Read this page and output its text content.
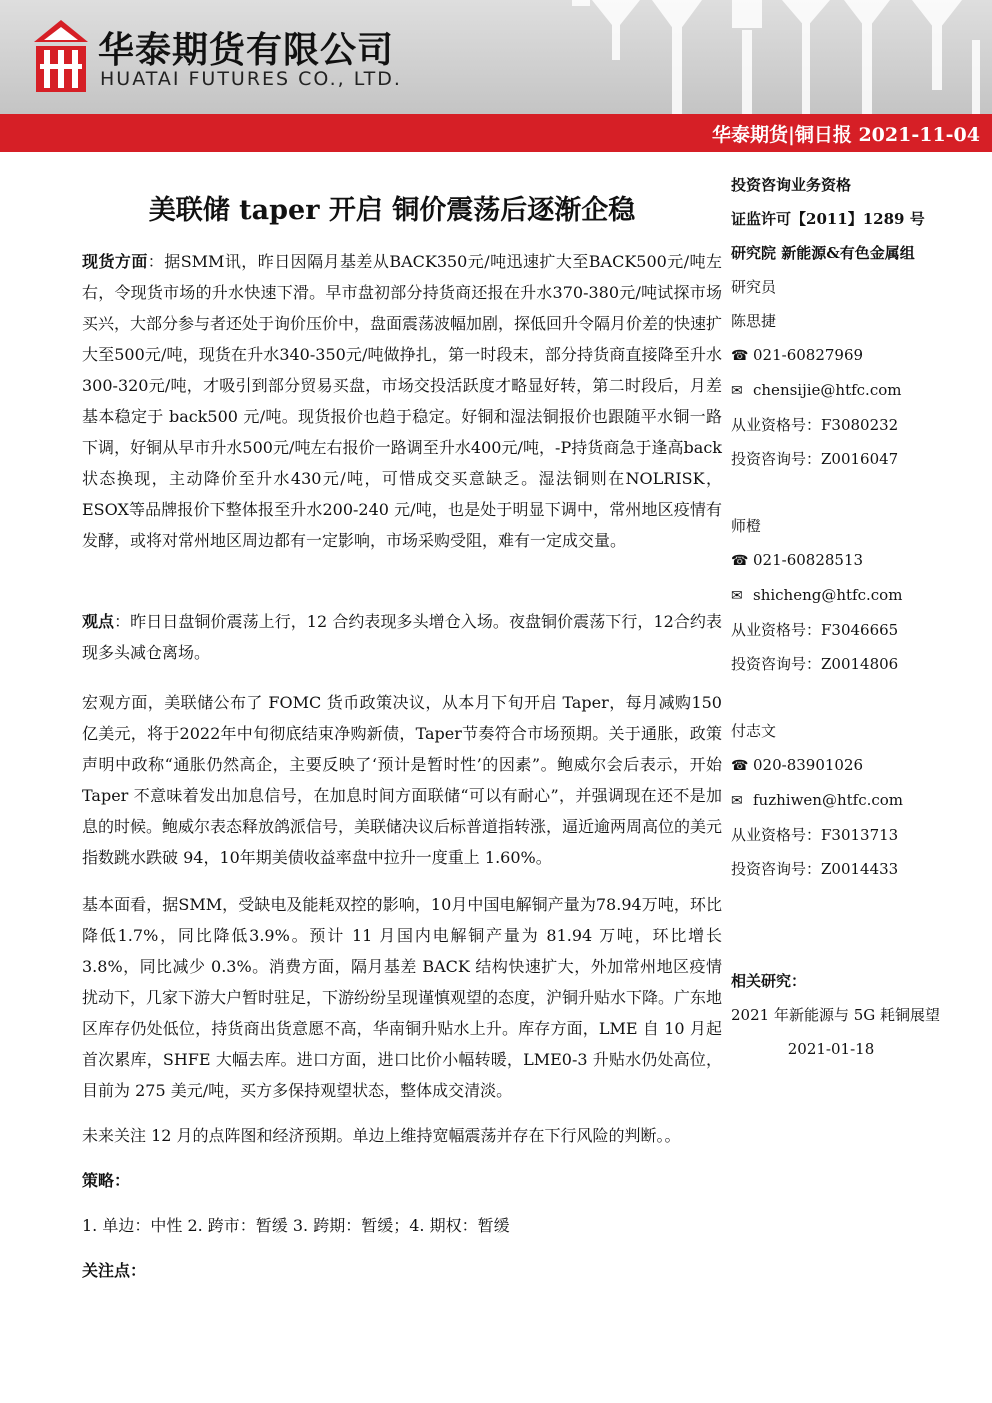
华泰期货有限公司
HUATAI FUTURES CO., LTD.
华泰期货|铜日报 2021-11-04
美联储 taper 开启 铜价震荡后逐渐企稳

现货方面：据SMM讯，昨日因隔月基差从BACK350元/吨迅速扩大至BACK500元/吨左右，令现货市场的升水快速下滑。早市盘初部分持货商还报在升水370-380元/吨试探市场买兴，大部分参与者还处于询价压价中，盘面震荡波幅加剧，探低回升令隔月价差的快速扩大至500元/吨，现货在升水340-350元/吨做挣扎，第一时段末，部分持货商直接降至升水300-320元/吨，才吸引到部分贸易买盘，市场交投活跃度才略显好转，第二时段后，月差基本稳定于 back500 元/吨。现货报价也趋于稳定。好铜和湿法铜报价也跟随平水铜一路下调，好铜从早市升水500元/吨左右报价一路调至升水400元/吨，-P持货商急于逢高back状态换现，主动降价至升水430元/吨，可惜成交买意缺乏。湿法铜则在NOLRISK，ESOX等品牌报价下整体报至升水200-240 元/吨，也是处于明显下调中，常州地区疫情有发酵，或将对常州地区周边都有一定影响，市场采购受阻，难有一定成交量。

观点：昨日日盘铜价震荡上行，12 合约表现多头增仓入场。夜盘铜价震荡下行，12合约表现多头减仓离场。

宏观方面，美联储公布了 FOMC 货币政策决议，从本月下旬开启 Taper，每月减购150亿美元，将于2022年中旬彻底结束净购新债，Taper节奏符合市场预期。关于通胀，政策声明中政称“通胀仍然高企，主要反映了‘预计是暂时性’的因素”。鲍威尔会后表示，开始 Taper 不意味着发出加息信号，在加息时间方面联储“可以有耐心”，并强调现在还不是加息的时候。鲍威尔表态释放鸽派信号，美联储决议后标普道指转涨，逼近逾两周高位的美元指数跳水跌破 94，10年期美债收益率盘中拉升一度重上 1.60%。

基本面看，据SMM，受缺电及能耗双控的影响，10月中国电解铜产量为78.94万吨，环比降低1.7%，同比降低3.9%。预计 11 月国内电解铜产量为 81.94 万吨，环比增长 3.8%，同比减少 0.3%。消费方面，隔月基差 BACK 结构快速扩大，外加常州地区疫情扰动下，几家下游大户暂时驻足，下游纷纷呈现谨慎观望的态度，沪铜升贴水下降。广东地区库存仍处低位，持货商出货意愿不高，华南铜升贴水上升。库存方面，LME 自 10 月起首次累库，SHFE 大幅去库。进口方面，进口比价小幅转暖，LME0-3 升贴水仍处高位，目前为 275 美元/吨，买方多保持观望状态，整体成交清淡。

未来关注 12 月的点阵图和经济预期。单边上维持宽幅震荡并存在下行风险的判断。。

策略：

1. 单边：中性 2. 跨市：暂缓 3. 跨期：暂缓；4. 期权：暂缓

关注点：

投资咨询业务资格
证监许可【2011】1289 号
研究院 新能源&有色金属组
研究员
陈思捷
☎ 021-60827969
✉ chensijie@htfc.com
从业资格号：F3080232
投资咨询号：Z0016047
师橙
☎ 021-60828513
✉ shicheng@htfc.com
从业资格号：F3046665
投资咨询号：Z0014806
付志文
☎ 020-83901026
✉ fuzhiwen@htfc.com
从业资格号：F3013713
投资咨询号：Z0014433
相关研究：
2021 年新能源与 5G 耗铜展望
2021-01-18
